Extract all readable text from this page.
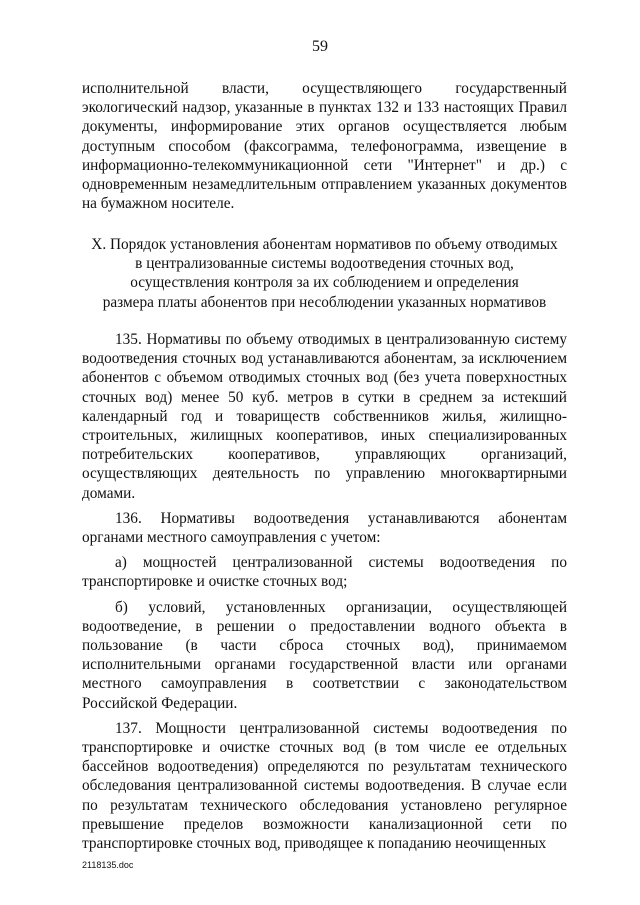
59

исполнительной власти, осуществляющего государственный экологический надзор, указанные в пунктах 132 и 133 настоящих Правил документы, информирование этих органов осуществляется любым доступным способом (факсограмма, телефонограмма, извещение в информационно-телекоммуникационной сети "Интернет" и др.) с одновременным незамедлительным отправлением указанных документов на бумажном носителе.

X. Порядок установления абонентам нормативов по объему отводимых
в централизованные системы водоотведения сточных вод,
осуществления контроля за их соблюдением и определения
размера платы абонентов при несоблюдении указанных нормативов

135. Нормативы по объему отводимых в централизованную систему водоотведения сточных вод устанавливаются абонентам, за исключением абонентов с объемом отводимых сточных вод (без учета поверхностных сточных вод) менее 50 куб. метров в сутки в среднем за истекший календарный год и товариществ собственников жилья, жилищно-строительных, жилищных кооперативов, иных специализированных потребительских кооперативов, управляющих организаций, осуществляющих деятельность по управлению многоквартирными домами.

136. Нормативы водоотведения устанавливаются абонентам органами местного самоуправления с учетом:

а) мощностей централизованной системы водоотведения по транспортировке и очистке сточных вод;

б) условий, установленных организации, осуществляющей водоотведение, в решении о предоставлении водного объекта в пользование (в части сброса сточных вод), принимаемом исполнительными органами государственной власти или органами местного самоуправления в соответствии с законодательством Российской Федерации.

137. Мощности централизованной системы водоотведения по транспортировке и очистке сточных вод (в том числе ее отдельных бассейнов водоотведения) определяются по результатам технического обследования централизованной системы водоотведения. В случае если по результатам технического обследования установлено регулярное превышение пределов возможности канализационной сети по транспортировке сточных вод, приводящее к попаданию неочищенных

2118135.doc
